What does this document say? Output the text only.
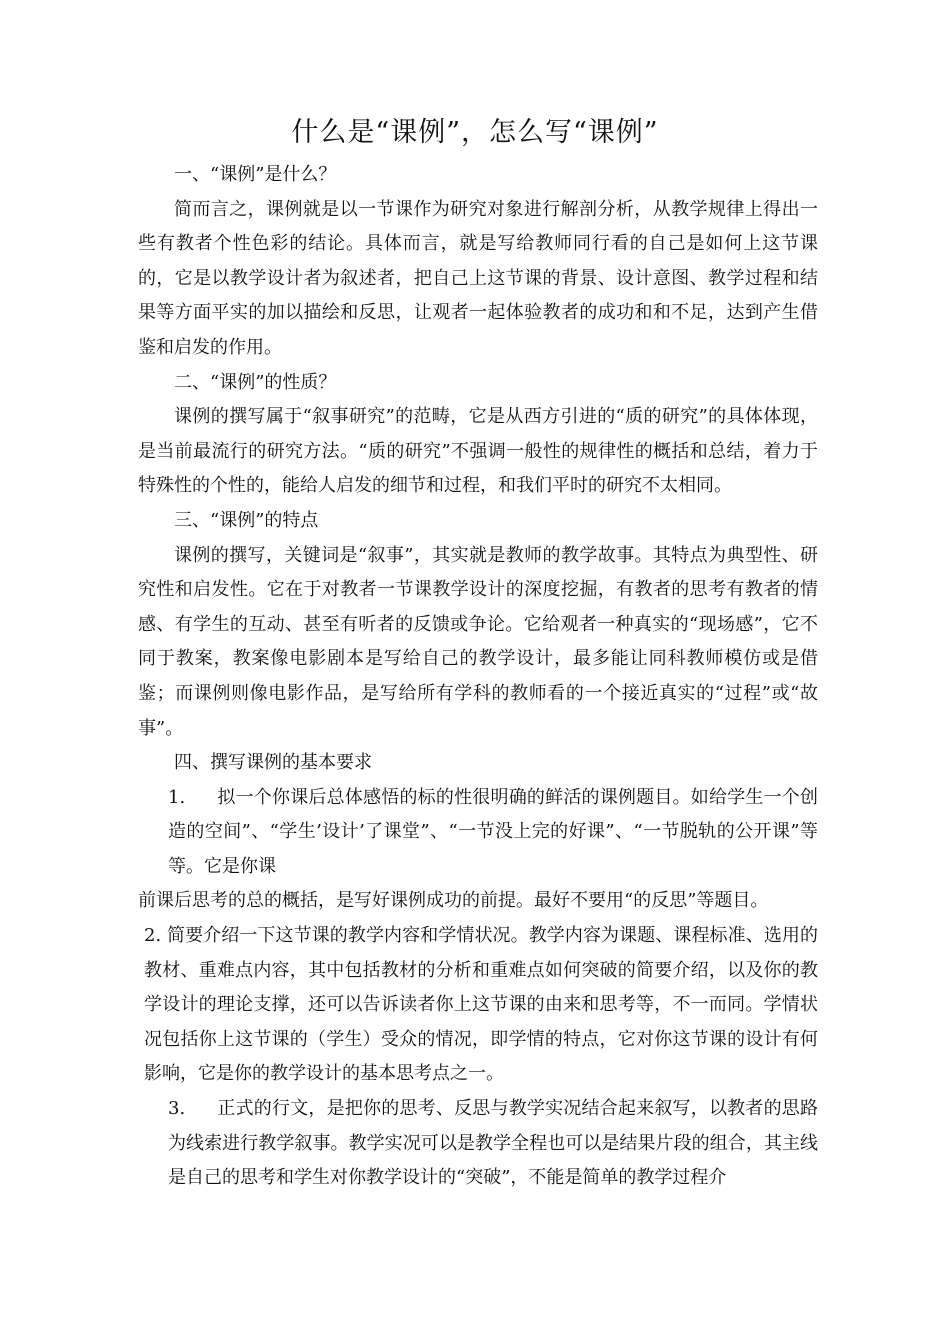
什么是“课例”，怎么写“课例”

一、“课例”是什么？

简而言之，课例就是以一节课作为研究对象进行解剖分析，从教学规律上得出一些有教者个性色彩的结论。具体而言，就是写给教师同行看的自己是如何上这节课的，它是以教学设计者为叙述者，把自己上这节课的背景、设计意图、教学过程和结果等方面平实的加以描绘和反思，让观者一起体验教者的成功和和不足，达到产生借鉴和启发的作用。

二、“课例”的性质？

课例的撰写属于“叙事研究”的范畴，它是从西方引进的“质的研究”的具体体现，是当前最流行的研究方法。“质的研究”不强调一般性的规律性的概括和总结，着力于特殊性的个性的，能给人启发的细节和过程，和我们平时的研究不太相同。

三、“课例”的特点

课例的撰写，关键词是“叙事”，其实就是教师的教学故事。其特点为典型性、研究性和启发性。它在于对教者一节课教学设计的深度挖掘，有教者的思考有教者的情感、有学生的互动、甚至有听者的反馈或争论。它给观者一种真实的“现场感”，它不同于教案，教案像电影剧本是写给自己的教学设计，最多能让同科教师模仿或是借鉴；而课例则像电影作品，是写给所有学科的教师看的一个接近真实的“过程”或“故事”。

四、撰写课例的基本要求

1. 拟一个你课后总体感悟的标的性很明确的鲜活的课例题目。如给学生一个创造的空间”、“学生’设计’了课堂”、“一节没上完的好课”、“一节脱轨的公开课”等等。它是你课

前课后思考的总的概括，是写好课例成功的前提。最好不要用“的反思”等题目。

2. 简要介绍一下这节课的教学内容和学情状况。教学内容为课题、课程标准、选用的教材、重难点内容，其中包括教材的分析和重难点如何突破的简要介绍，以及你的教学设计的理论支撑，还可以告诉读者你上这节课的由来和思考等，不一而同。学情状况包括你上这节课的（学生）受众的情况，即学情的特点，它对你这节课的设计有何影响，它是你的教学设计的基本思考点之一。

3. 正式的行文，是把你的思考、反思与教学实况结合起来叙写，以教者的思路为线索进行教学叙事。教学实况可以是教学全程也可以是结果片段的组合，其主线是自己的思考和学生对你教学设计的“突破”，不能是简单的教学过程介
